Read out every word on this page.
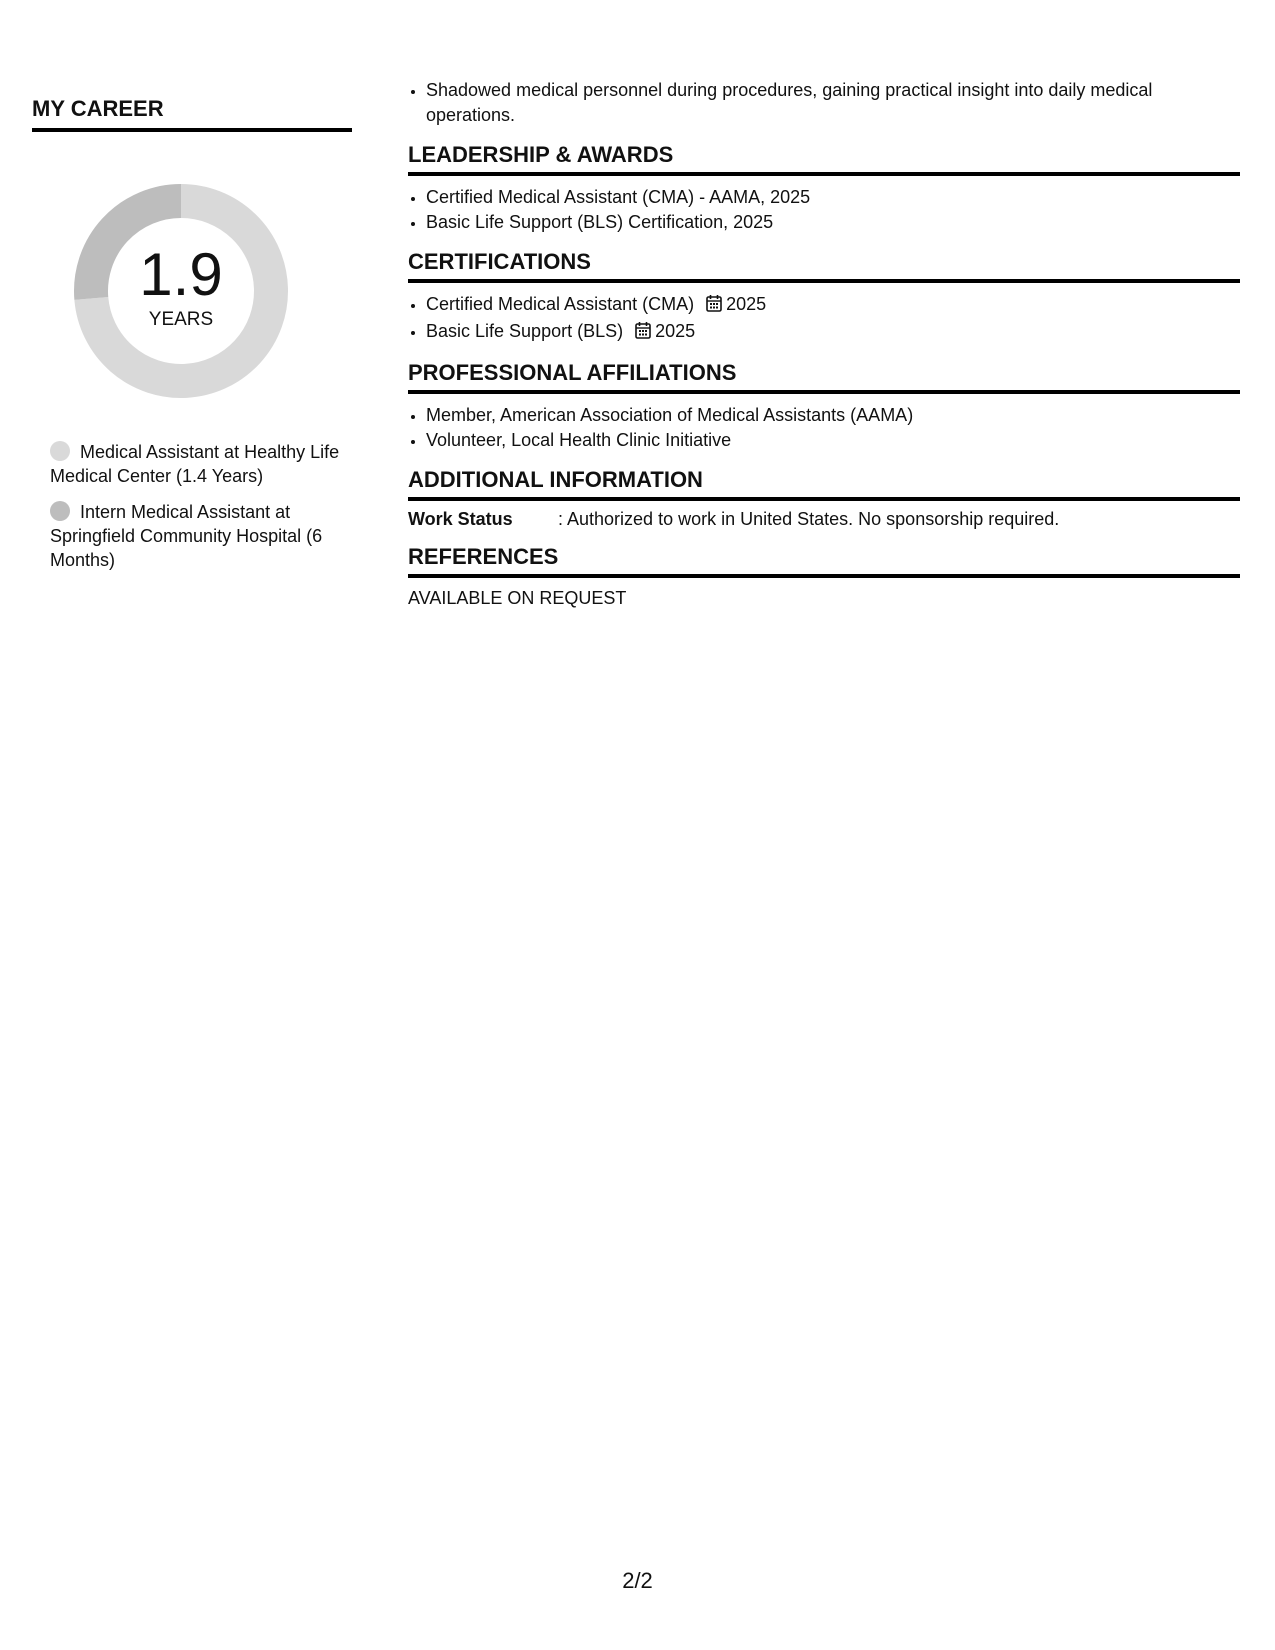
MY CAREER
1.9
YEARS
Medical Assistant at Healthy Life Medical Center (1.4 Years)
Intern Medical Assistant at Springfield Community Hospital (6 Months)
• Shadowed medical personnel during procedures, gaining practical insight into daily medical operations.
LEADERSHIP & AWARDS
• Certified Medical Assistant (CMA) - AAMA, 2025
• Basic Life Support (BLS) Certification, 2025
CERTIFICATIONS
• Certified Medical Assistant (CMA) 2025
• Basic Life Support (BLS) 2025
PROFESSIONAL AFFILIATIONS
• Member, American Association of Medical Assistants (AAMA)
• Volunteer, Local Health Clinic Initiative
ADDITIONAL INFORMATION
Work Status	: Authorized to work in United States. No sponsorship required.
REFERENCES
AVAILABLE ON REQUEST
2/2
